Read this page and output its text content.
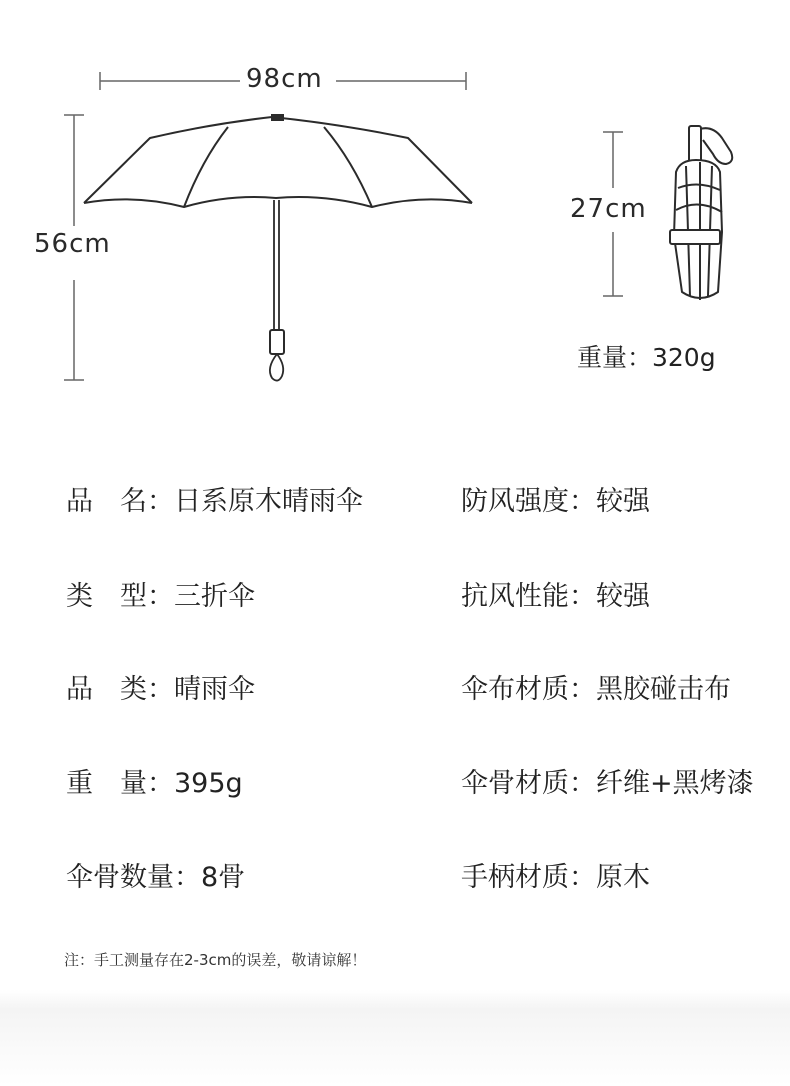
98cm
56cm
27cm
重量：320g
品　名：日系原木晴雨伞	防风强度：较强
类　型：三折伞	抗风性能：较强
品　类：晴雨伞	伞布材质：黑胶碰击布
重　量：395g	伞骨材质：纤维+黑烤漆
伞骨数量：8骨	手柄材质：原木
注：手工测量存在2-3cm的误差，敬请谅解！
